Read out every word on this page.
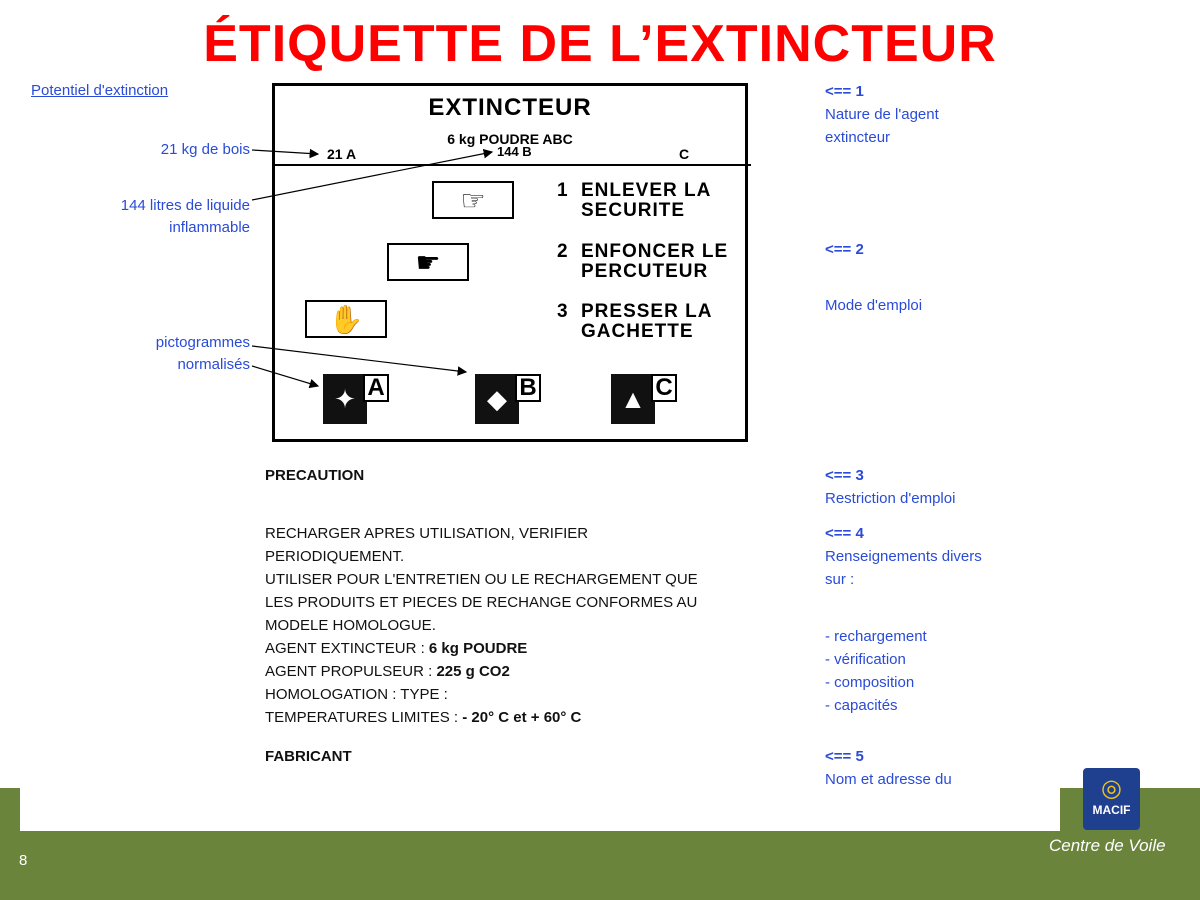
ÉTIQUETTE DE L’EXTINCTEUR
Potentiel d'extinction
21 kg de bois
144 litres de liquide
inflammable
pictogrammes
normalisés
EXTINCTEUR
6 kg POUDRE ABC
21 A	144 B	C
☞	1 ENLEVER LA
SECURITE
☛	2 ENFONCER LE
PERCUTEUR
✋	3 PRESSER LA
GACHETTE
✦ A	◆ B	▲ C
PRECAUTION
RECHARGER APRES UTILISATION, VERIFIER
PERIODIQUEMENT.
UTILISER POUR L'ENTRETIEN OU LE RECHARGEMENT QUE
LES PRODUITS ET PIECES DE RECHANGE CONFORMES AU
MODELE HOMOLOGUE.
AGENT EXTINCTEUR : 6 kg POUDRE
AGENT PROPULSEUR : 225 g CO2
HOMOLOGATION : TYPE :
TEMPERATURES LIMITES : - 20° C et + 60° C
FABRICANT
<== 1
Nature de l'agent
extincteur
<== 2
Mode d'emploi
<== 3
Restriction d'emploi
<== 4
Renseignements divers
sur :
- rechargement
- vérification
- composition
- capacités
<== 5
Nom et adresse du
8
◎
MACIF
Centre de Voile
